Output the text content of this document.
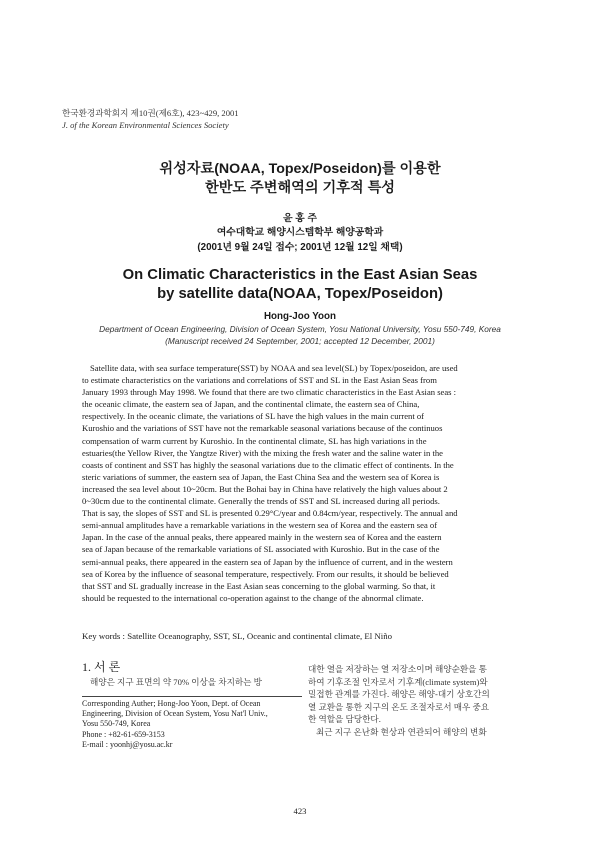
한국환경과학회지 제10권(제6호), 423~429, 2001
J. of the Korean Environmental Sciences Society
위성자료(NOAA, Topex/Poseidon)를 이용한
한반도 주변해역의 기후적 특성
윤 홍 주
여수대학교 해양시스템학부 해양공학과
(2001년 9월 24일 접수; 2001년 12월 12일 채택)
On Climatic Characteristics in the East Asian Seas
by satellite data(NOAA, Topex/Poseidon)
Hong-Joo Yoon
Department of Ocean Engineering, Division of Ocean System, Yosu National University, Yosu 550-749, Korea
(Manuscript received 24 September, 2001; accepted 12 December, 2001)
Satellite data, with sea surface temperature(SST) by NOAA and sea level(SL) by Topex/poseidon, are used
to estimate characteristics on the variations and correlations of SST and SL in the East Asian Seas from
January 1993 through May 1998. We found that there are two climatic characteristics in the East Asian seas :
the oceanic climate, the eastern sea of Japan, and the continental climate, the eastern sea of China,
respectively. In the oceanic climate, the variations of SL have the high values in the main current of
Kuroshio and the variations of SST have not the remarkable seasonal variations because of the continuos
compensation of warm current by Kuroshio. In the continental climate, SL has high variations in the
estuaries(the Yellow River, the Yangtze River) with the mixing the fresh water and the saline water in the
coasts of continent and SST has highly the seasonal variations due to the climatic effect of continents. In the
steric variations of summer, the eastern sea of Japan, the East China Sea and the western sea of Korea is
increased the sea level about 10~20cm. But the Bohai bay in China have relatively the high values about 2
0~30cm due to the continental climate. Generally the trends of SST and SL increased during all periods.
That is say, the slopes of SST and SL is presented 0.29°C/year and 0.84cm/year, respectively. The annual and
semi-annual amplitudes have a remarkable variations in the western sea of Korea and the eastern sea of
Japan. In the case of the annual peaks, there appeared mainly in the western sea of Korea and the eastern
sea of Japan because of the remarkable variations of SL associated with Kuroshio. But in the case of the
semi-annual peaks, there appeared in the eastern sea of Japan by the influence of current, and in the western
sea of Korea by the influence of seasonal temperature, respectively. From our results, it should be believed
that SST and SL gradually increase in the East Asian seas concerning to the global warming. So that, it
should be requested to the international co-operation against to the change of the abnormal climate.
Key words : Satellite Oceanography, SST, SL, Oceanic and continental climate, El Niño
1. 서 론
해양은 지구 표면의 약 70% 이상을 차지하는 방
Corresponding Auther; Hong-Joo Yoon, Dept. of Ocean
Engineering, Division of Ocean System, Yosu Nat'l Univ.,
Yosu 550-749, Korea
Phone : +82-61-659-3153
E-mail : yoonhj@yosu.ac.kr
대한 열을 저장하는 열 저장소이며 해양순환을 통
하여 기후조절 인자로서 기후계(climate system)와
밀접한 관계를 가진다. 해양은 해양-대기 상호간의
열 교환을 통한 지구의 온도 조절자로서 매우 중요
한 역할을 담당한다.
최근 지구 온난화 현상과 연관되어 해양의 변화
423
